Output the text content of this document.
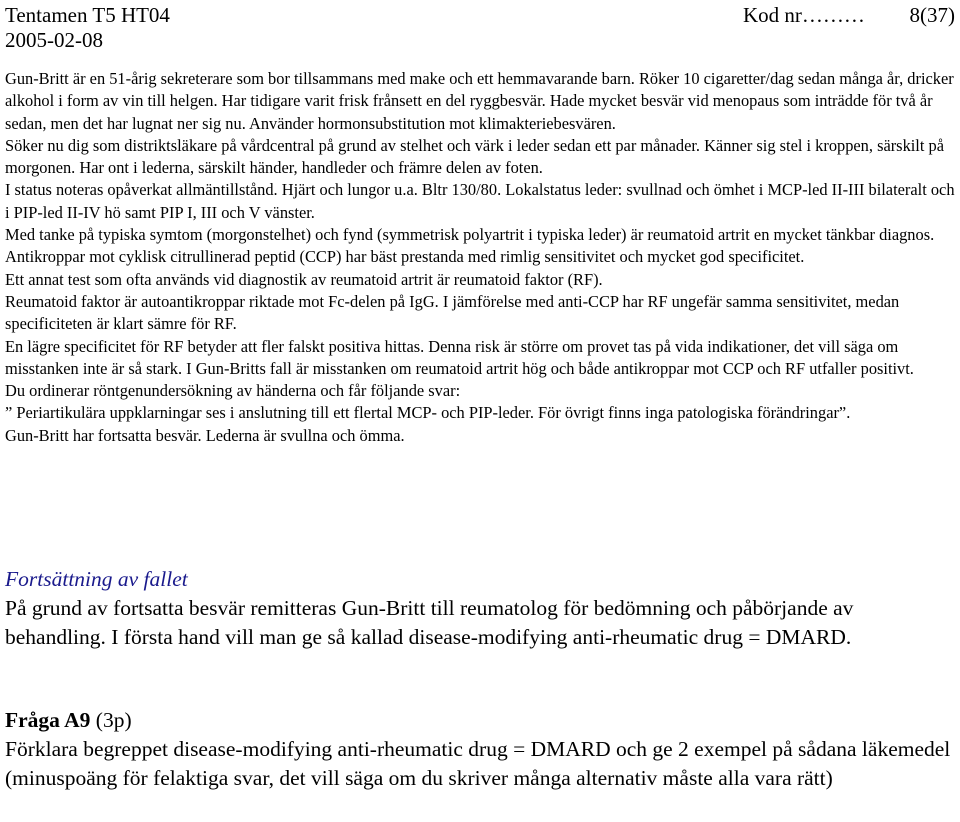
Tentamen T5 HT04	Kod nr……… 8(37)
2005-02-08

Gun-Britt är en 51-årig sekreterare som bor tillsammans med make och ett hemmavarande barn. Röker 10 cigaretter/dag sedan många år, dricker alkohol i form av vin till helgen. Har tidigare varit frisk frånsett en del ryggbesvär. Hade mycket besvär vid menopaus som inträdde för två år sedan, men det har lugnat ner sig nu. Använder hormonsubstitution mot klimakteriebesvären.

Söker nu dig som distriktsläkare på vårdcentral på grund av stelhet och värk i leder sedan ett par månader. Känner sig stel i kroppen, särskilt på morgonen. Har ont i lederna, särskilt händer, handleder och främre delen av foten.

I status noteras opåverkat allmäntillstånd. Hjärt och lungor u.a. Bltr 130/80. Lokalstatus leder: svullnad och ömhet i MCP-led II-III bilateralt och i PIP-led II-IV hö samt PIP I, III och V vänster.

Med tanke på typiska symtom (morgonstelhet) och fynd (symmetrisk polyartrit i typiska leder) är reumatoid artrit en mycket tänkbar diagnos.

Antikroppar mot cyklisk citrullinerad peptid (CCP) har bäst prestanda med rimlig sensitivitet och mycket god specificitet.

Ett annat test som ofta används vid diagnostik av reumatoid artrit är reumatoid faktor (RF).

Reumatoid faktor är autoantikroppar riktade mot Fc-delen på IgG. I jämförelse med anti-CCP har RF ungefär samma sensitivitet, medan specificiteten är klart sämre för RF.

En lägre specificitet för RF betyder att fler falskt positiva hittas. Denna risk är större om provet tas på vida indikationer, det vill säga om misstanken inte är så stark. I Gun-Britts fall är misstanken om reumatoid artrit hög och både antikroppar mot CCP och RF utfaller positivt.

Du ordinerar röntgenundersökning av händerna och får följande svar:

” Periartikulära uppklarningar ses i anslutning till ett flertal MCP- och PIP-leder. För övrigt finns inga patologiska förändringar”.

Gun-Britt har fortsatta besvär. Lederna är svullna och ömma.

Fortsättning av fallet

På grund av fortsatta besvär remitteras Gun-Britt till reumatolog för bedömning och påbörjande av behandling. I första hand vill man ge så kallad disease-modifying anti-rheumatic drug = DMARD.

Fråga A9 (3p)

Förklara begreppet disease-modifying anti-rheumatic drug = DMARD och ge 2 exempel på sådana läkemedel (minuspoäng för felaktiga svar, det vill säga om du skriver många alternativ måste alla vara rätt)
